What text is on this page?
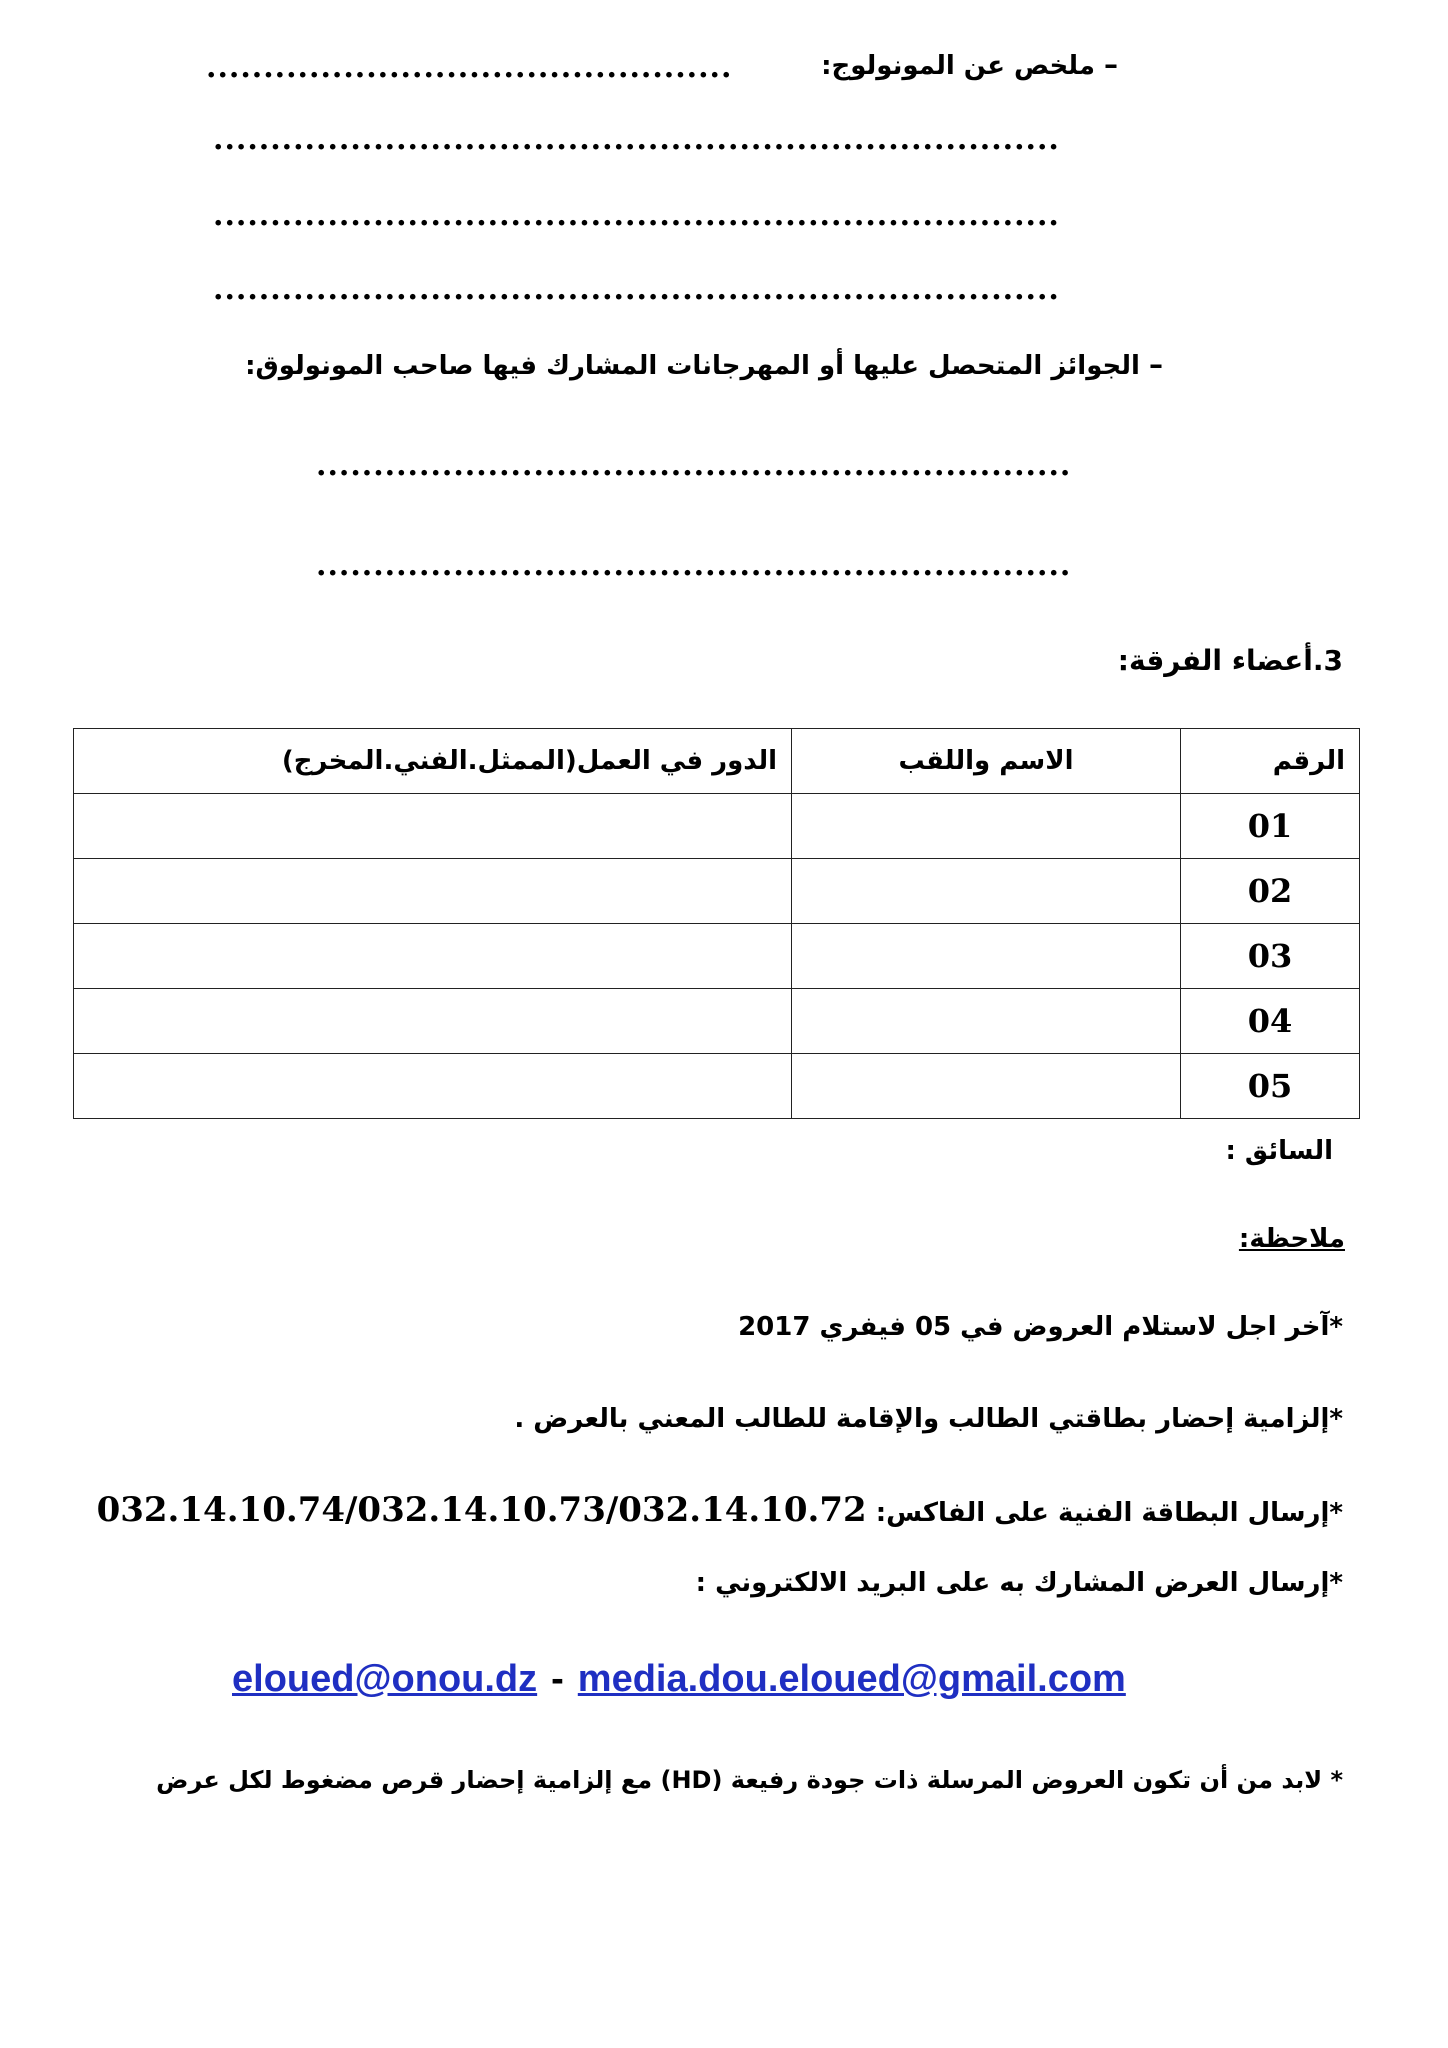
– ملخص عن المونولوج:
..............................................
..........................................................................
..........................................................................
..........................................................................
– الجوائز المتحصل عليها أو المهرجانات المشارك فيها صاحب المونولوق:
..................................................................
..................................................................
3.أعضاء الفرقة:
الرقم	الاسم واللقب	الدور في العمل(الممثل.الفني.المخرج)
01		
02		
03		
04		
05		
السائق :
ملاحظة:
*آخر اجل لاستلام العروض في 05 فيفري 2017
*إلزامية إحضار بطاقتي الطالب والإقامة للطالب المعني بالعرض .
*إرسال البطاقة الفنية على الفاكس: 032.14.10.74/032.14.10.73/032.14.10.72
*إرسال العرض المشارك به على البريد الالكتروني :
eloued@onou.dz - media.dou.eloued@gmail.com
* لابد من أن تكون العروض المرسلة ذات جودة رفيعة (HD) مع إلزامية إحضار قرص مضغوط لكل عرض
